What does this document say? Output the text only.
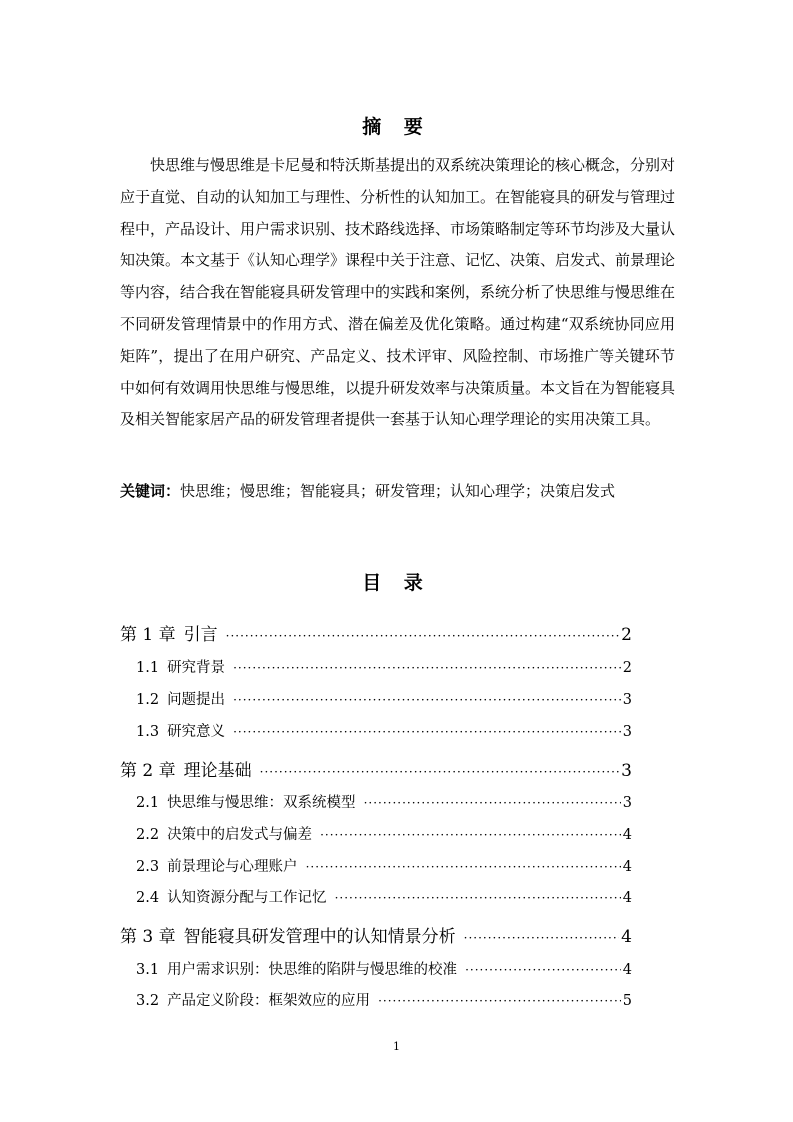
摘 要

快思维与慢思维是卡尼曼和特沃斯基提出的双系统决策理论的核心概念，分别对应于直觉、自动的认知加工与理性、分析性的认知加工。在智能寝具的研发与管理过程中，产品设计、用户需求识别、技术路线选择、市场策略制定等环节均涉及大量认知决策。本文基于《认知心理学》课程中关于注意、记忆、决策、启发式、前景理论等内容，结合我在智能寝具研发管理中的实践和案例，系统分析了快思维与慢思维在不同研发管理情景中的作用方式、潜在偏差及优化策略。通过构建“双系统协同应用矩阵”，提出了在用户研究、产品定义、技术评审、风险控制、市场推广等关键环节中如何有效调用快思维与慢思维，以提升研发效率与决策质量。本文旨在为智能寝具及相关智能家居产品的研发管理者提供一套基于认知心理学理论的实用决策工具。

关键词：快思维；慢思维；智能寝具；研发管理；认知心理学；决策启发式
目 录
第 1 章 引言 ·····	2
1.1 研究背景 ·····	2
1.2 问题提出 ·····	3
1.3 研究意义 ·····	3
第 2 章 理论基础 ·····	3
2.1 快思维与慢思维：双系统模型 ·····	3
2.2 决策中的启发式与偏差 ·····	4
2.3 前景理论与心理账户 ·····	4
2.4 认知资源分配与工作记忆 ·····	4
第 3 章 智能寝具研发管理中的认知情景分析 ·····	4
3.1 用户需求识别：快思维的陷阱与慢思维的校准 ·····	4
3.2 产品定义阶段：框架效应的应用 ·····	5
1
